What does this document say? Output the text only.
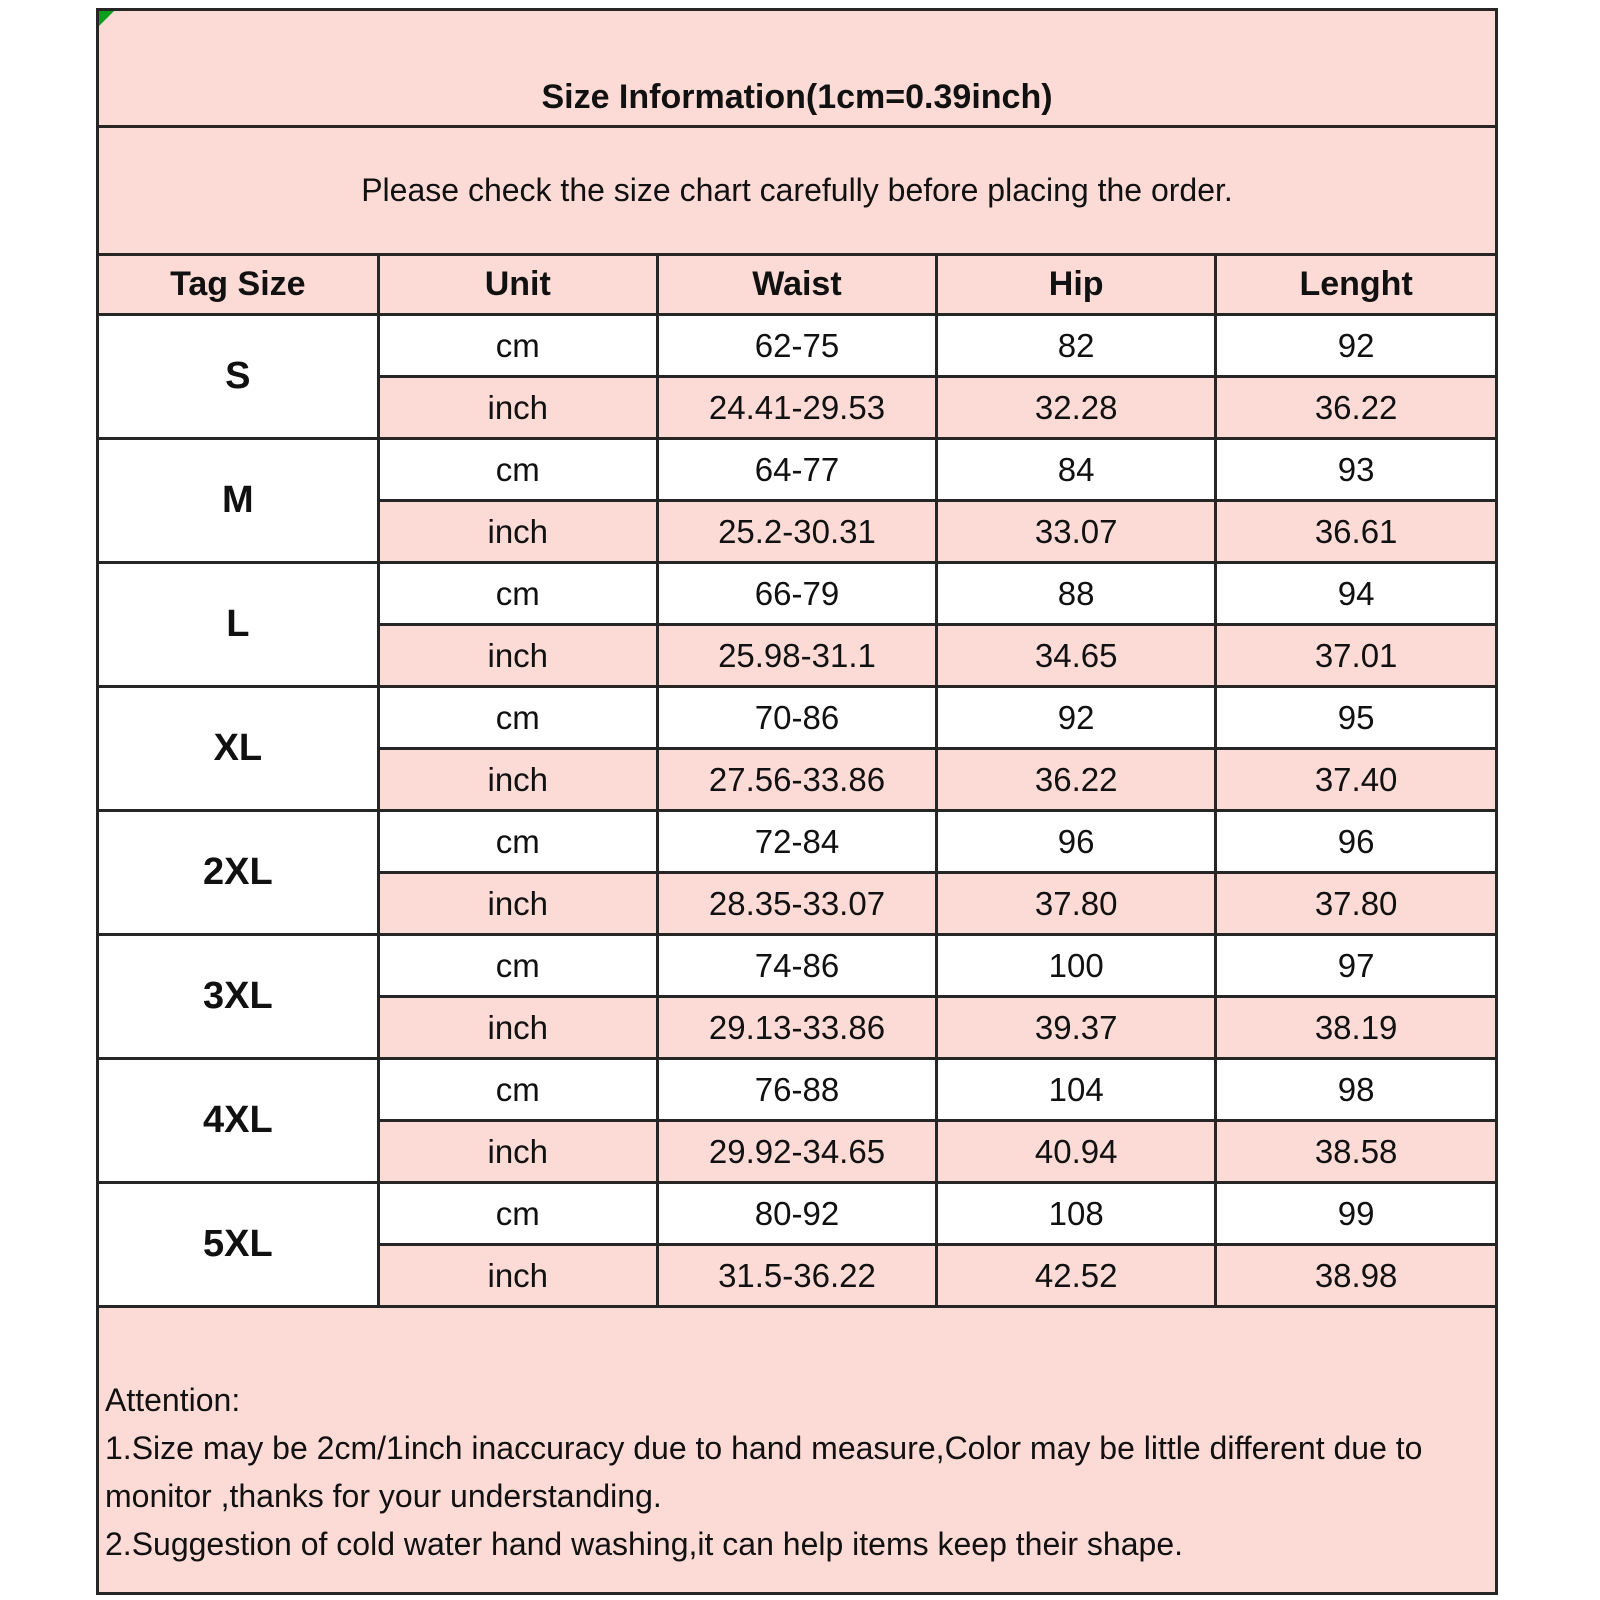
Size Information(1cm=0.39inch)
Please check the size chart carefully before placing the order.
Tag Size	Unit	Waist	Hip	Lenght
S	cm	62-75	82	92
	inch	24.41-29.53	32.28	36.22
M	cm	64-77	84	93
	inch	25.2-30.31	33.07	36.61
L	cm	66-79	88	94
	inch	25.98-31.1	34.65	37.01
XL	cm	70-86	92	95
	inch	27.56-33.86	36.22	37.40
2XL	cm	72-84	96	96
	inch	28.35-33.07	37.80	37.80
3XL	cm	74-86	100	97
	inch	29.13-33.86	39.37	38.19
4XL	cm	76-88	104	98
	inch	29.92-34.65	40.94	38.58
5XL	cm	80-92	108	99
	inch	31.5-36.22	42.52	38.98
Attention:
1.Size may be 2cm/1inch inaccuracy due to hand measure,Color may be little different due to
monitor ,thanks for your understanding.
2.Suggestion of cold water hand washing,it can help items keep their shape.
